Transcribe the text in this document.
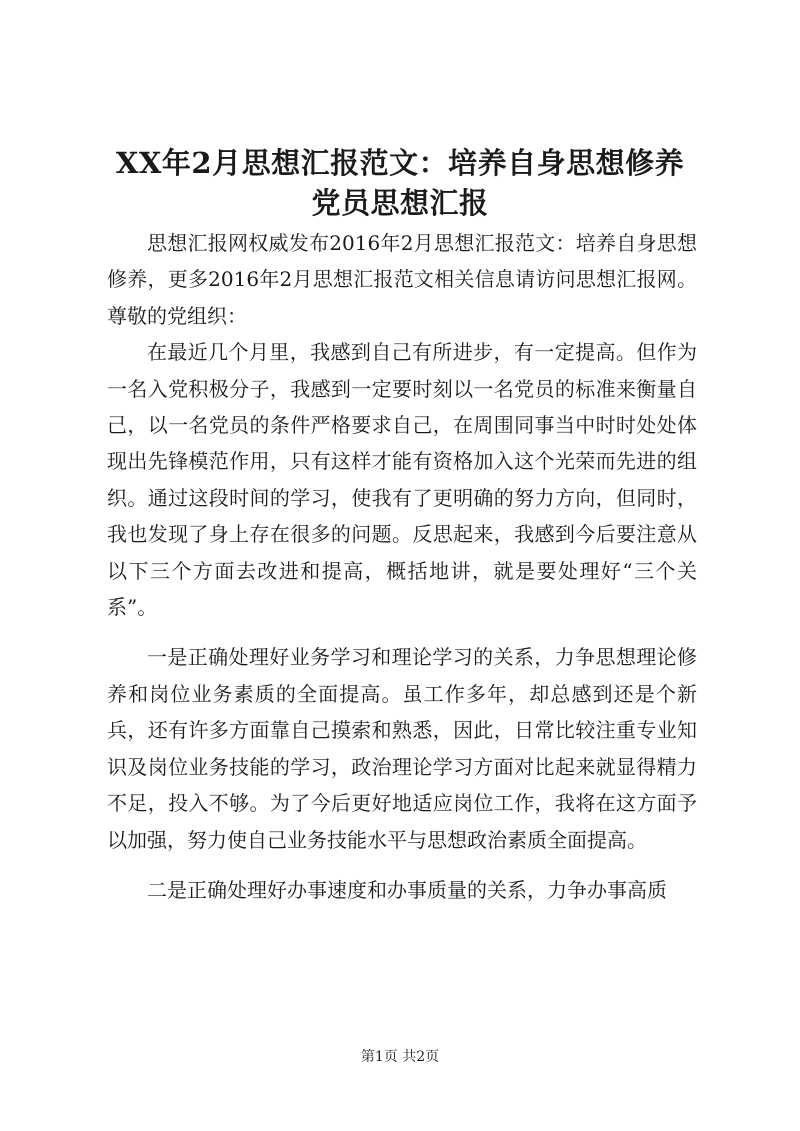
XX年2月思想汇报范文：培养自身思想修养
党员思想汇报

思想汇报网权威发布2016年2月思想汇报范文：培养自身思想修养，更多2016年2月思想汇报范文相关信息请访问思想汇报网。尊敬的党组织：

在最近几个月里，我感到自己有所进步，有一定提高。但作为一名入党积极分子，我感到一定要时刻以一名党员的标准来衡量自己，以一名党员的条件严格要求自己，在周围同事当中时时处处体现出先锋模范作用，只有这样才能有资格加入这个光荣而先进的组织。通过这段时间的学习，使我有了更明确的努力方向，但同时，我也发现了身上存在很多的问题。反思起来，我感到今后要注意从以下三个方面去改进和提高，概括地讲，就是要处理好“三个关系”。

一是正确处理好业务学习和理论学习的关系，力争思想理论修养和岗位业务素质的全面提高。虽工作多年，却总感到还是个新兵，还有许多方面靠自己摸索和熟悉，因此，日常比较注重专业知识及岗位业务技能的学习，政治理论学习方面对比起来就显得精力不足，投入不够。为了今后更好地适应岗位工作，我将在这方面予以加强，努力使自己业务技能水平与思想政治素质全面提高。

二是正确处理好办事速度和办事质量的关系，力争办事高质

第1页 共2页
